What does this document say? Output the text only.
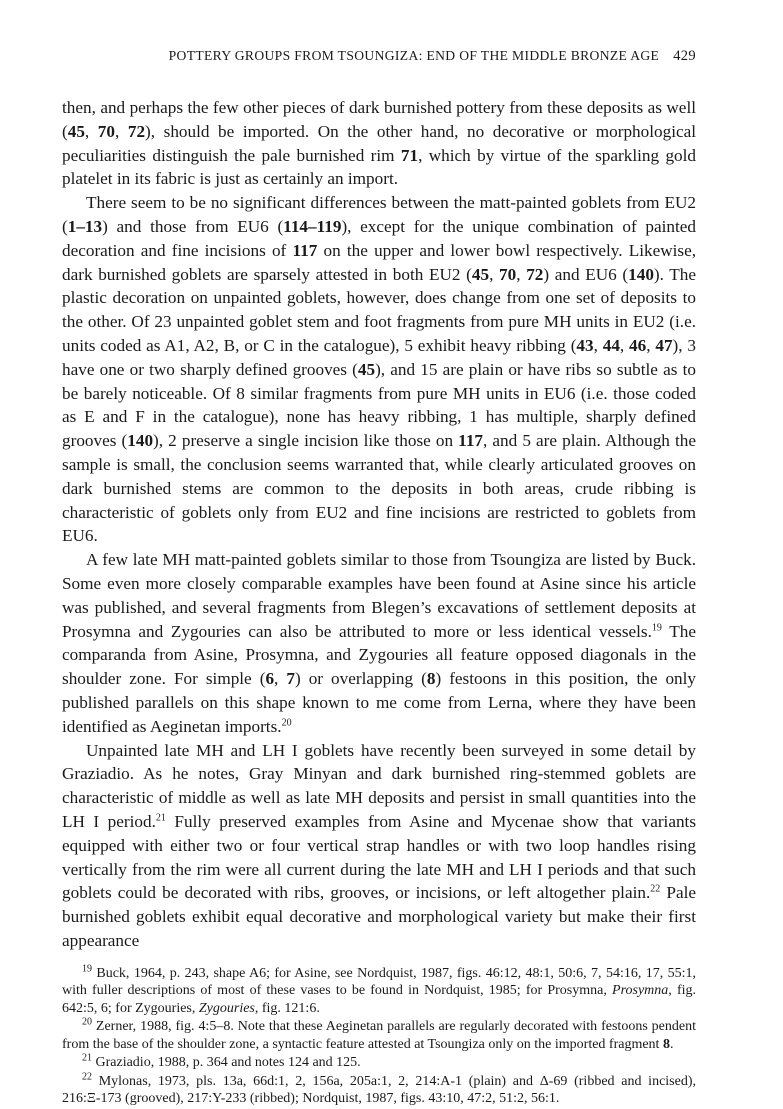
POTTERY GROUPS FROM TSOUNGIZA: END OF THE MIDDLE BRONZE AGE 429

then, and perhaps the few other pieces of dark burnished pottery from these deposits as well (45, 70, 72), should be imported. On the other hand, no decorative or morphological peculiarities distinguish the pale burnished rim 71, which by virtue of the sparkling gold platelet in its fabric is just as certainly an import.

There seem to be no significant differences between the matt-painted goblets from EU2 (1–13) and those from EU6 (114–119), except for the unique combination of painted decoration and fine incisions of 117 on the upper and lower bowl respectively. Likewise, dark burnished goblets are sparsely attested in both EU2 (45, 70, 72) and EU6 (140). The plastic decoration on unpainted goblets, however, does change from one set of deposits to the other. Of 23 unpainted goblet stem and foot fragments from pure MH units in EU2 (i.e. units coded as A1, A2, B, or C in the catalogue), 5 exhibit heavy ribbing (43, 44, 46, 47), 3 have one or two sharply defined grooves (45), and 15 are plain or have ribs so subtle as to be barely noticeable. Of 8 similar fragments from pure MH units in EU6 (i.e. those coded as E and F in the catalogue), none has heavy ribbing, 1 has multiple, sharply defined grooves (140), 2 preserve a single incision like those on 117, and 5 are plain. Although the sample is small, the conclusion seems warranted that, while clearly articulated grooves on dark burnished stems are common to the deposits in both areas, crude ribbing is characteristic of goblets only from EU2 and fine incisions are restricted to goblets from EU6.

A few late MH matt-painted goblets similar to those from Tsoungiza are listed by Buck. Some even more closely comparable examples have been found at Asine since his article was published, and several fragments from Blegen’s excavations of settlement deposits at Prosymna and Zygouries can also be attributed to more or less identical vessels.$^{19}$ The comparanda from Asine, Prosymna, and Zygouries all feature opposed diagonals in the shoulder zone. For simple (6, 7) or overlapping (8) festoons in this position, the only published parallels on this shape known to me come from Lerna, where they have been identified as Aeginetan imports.$^{20}$

Unpainted late MH and LH I goblets have recently been surveyed in some detail by Graziadio. As he notes, Gray Minyan and dark burnished ring-stemmed goblets are characteristic of middle as well as late MH deposits and persist in small quantities into the LH I period.$^{21}$ Fully preserved examples from Asine and Mycenae show that variants equipped with either two or four vertical strap handles or with two loop handles rising vertically from the rim were all current during the late MH and LH I periods and that such goblets could be decorated with ribs, grooves, or incisions, or left altogether plain.$^{22}$ Pale burnished goblets exhibit equal decorative and morphological variety but make their first appearance

$^{19}$ Buck, 1964, p. 243, shape A6; for Asine, see Nordquist, 1987, figs. 46:12, 48:1, 50:6, 7, 54:16, 17, 55:1, with fuller descriptions of most of these vases to be found in Nordquist, 1985; for Prosymna, Prosymna, fig. 642:5, 6; for Zygouries, Zygouries, fig. 121:6.

$^{20}$ Zerner, 1988, fig. 4:5–8. Note that these Aeginetan parallels are regularly decorated with festoons pendent from the base of the shoulder zone, a syntactic feature attested at Tsoungiza only on the imported fragment 8.

$^{21}$ Graziadio, 1988, p. 364 and notes 124 and 125.

$^{22}$ Mylonas, 1973, pls. 13a, 66d:1, 2, 156a, 205a:1, 2, 214:A-1 (plain) and Δ-69 (ribbed and incised), 216:Ξ-173 (grooved), 217:Y-233 (ribbed); Nordquist, 1987, figs. 43:10, 47:2, 51:2, 56:1.
